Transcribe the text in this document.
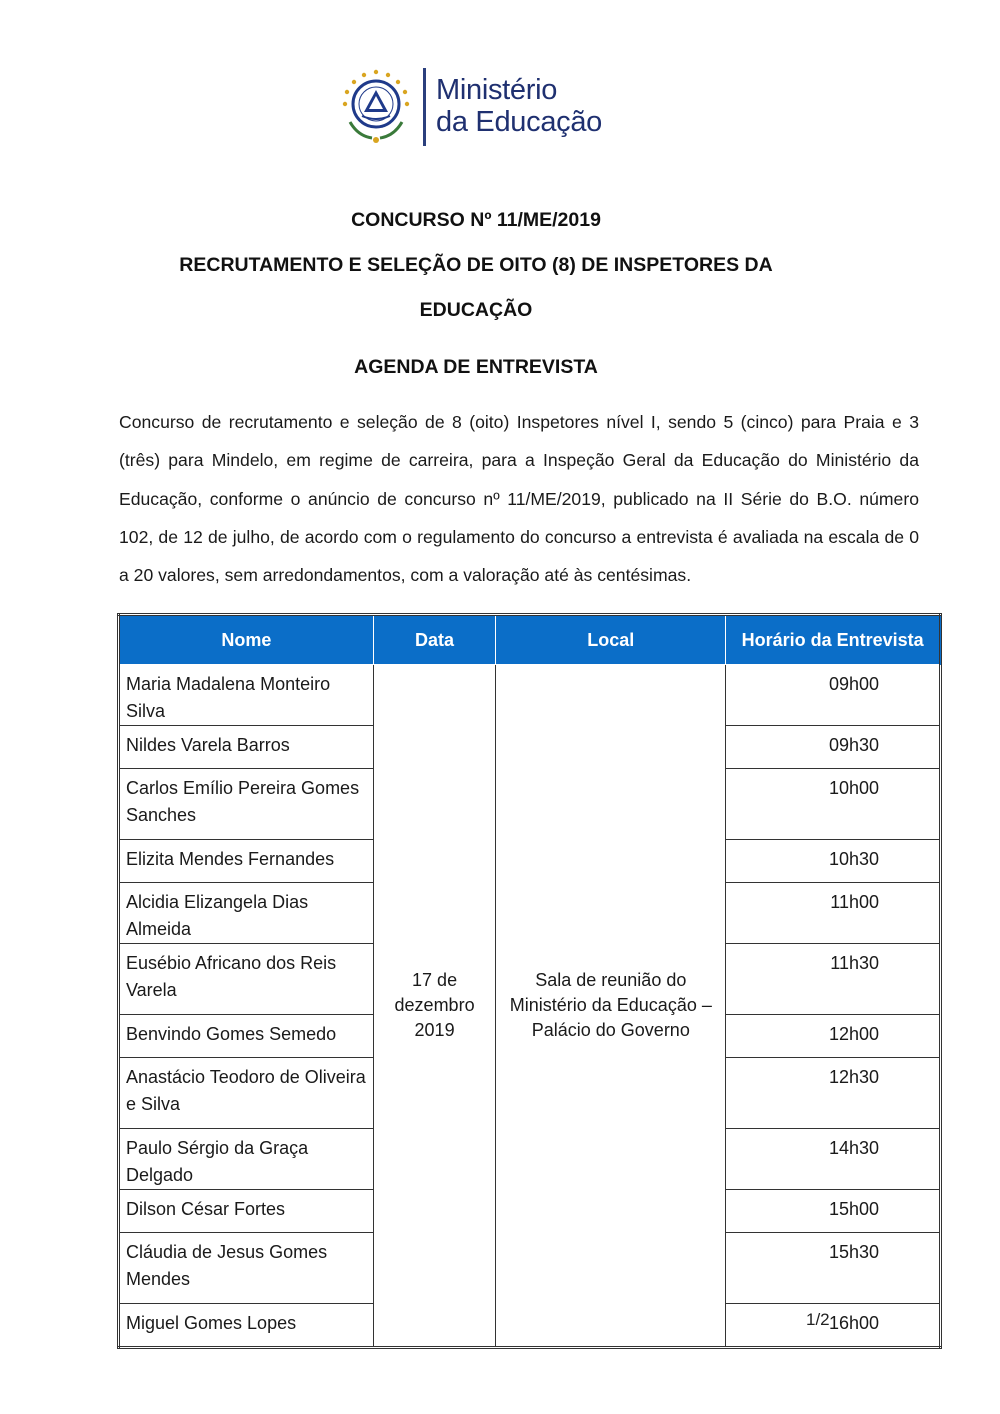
Ministério
da Educação
CONCURSO Nº 11/ME/2019
RECRUTAMENTO E SELEÇÃO DE OITO (8) DE INSPETORES DA
EDUCAÇÃO
AGENDA DE ENTREVISTA
Concurso de recrutamento e seleção de 8 (oito) Inspetores nível I, sendo 5 (cinco) para Praia e 3 (três) para Mindelo, em regime de carreira, para a Inspeção Geral da Educação do Ministério da Educação, conforme o anúncio de concurso nº 11/ME/2019, publicado na II Série do B.O. número 102, de 12 de julho, de acordo com o regulamento do concurso a entrevista é avaliada na escala de 0 a 20 valores, sem arredondamentos, com a valoração até às centésimas.
Nome	Data	Local	Horário da Entrevista
Maria Madalena Monteiro Silva	17 de dezembro 2019	Sala de reunião do Ministério da Educação – Palácio do Governo	09h00
Nildes Varela Barros			09h30
Carlos Emílio Pereira Gomes Sanches			10h00
Elizita Mendes Fernandes			10h30
Alcidia Elizangela Dias Almeida			11h00
Eusébio Africano dos Reis Varela			11h30
Benvindo Gomes Semedo			12h00
Anastácio Teodoro de Oliveira e Silva			12h30
Paulo Sérgio da Graça Delgado			14h30
Dilson César Fortes			15h00
Cláudia de Jesus Gomes Mendes			15h30
Miguel Gomes Lopes			16h00
1/2
